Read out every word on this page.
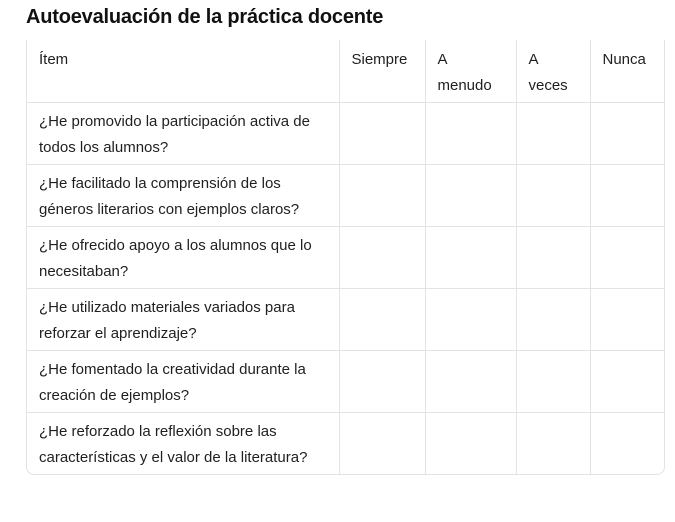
Autoevaluación de la práctica docente
Ítem	Siempre	A menudo	A veces	Nunca
¿He promovido la participación activa de todos los alumnos?				
¿He facilitado la comprensión de los géneros literarios con ejemplos claros?				
¿He ofrecido apoyo a los alumnos que lo necesitaban?				
¿He utilizado materiales variados para reforzar el aprendizaje?				
¿He fomentado la creatividad durante la creación de ejemplos?				
¿He reforzado la reflexión sobre las características y el valor de la literatura?				
